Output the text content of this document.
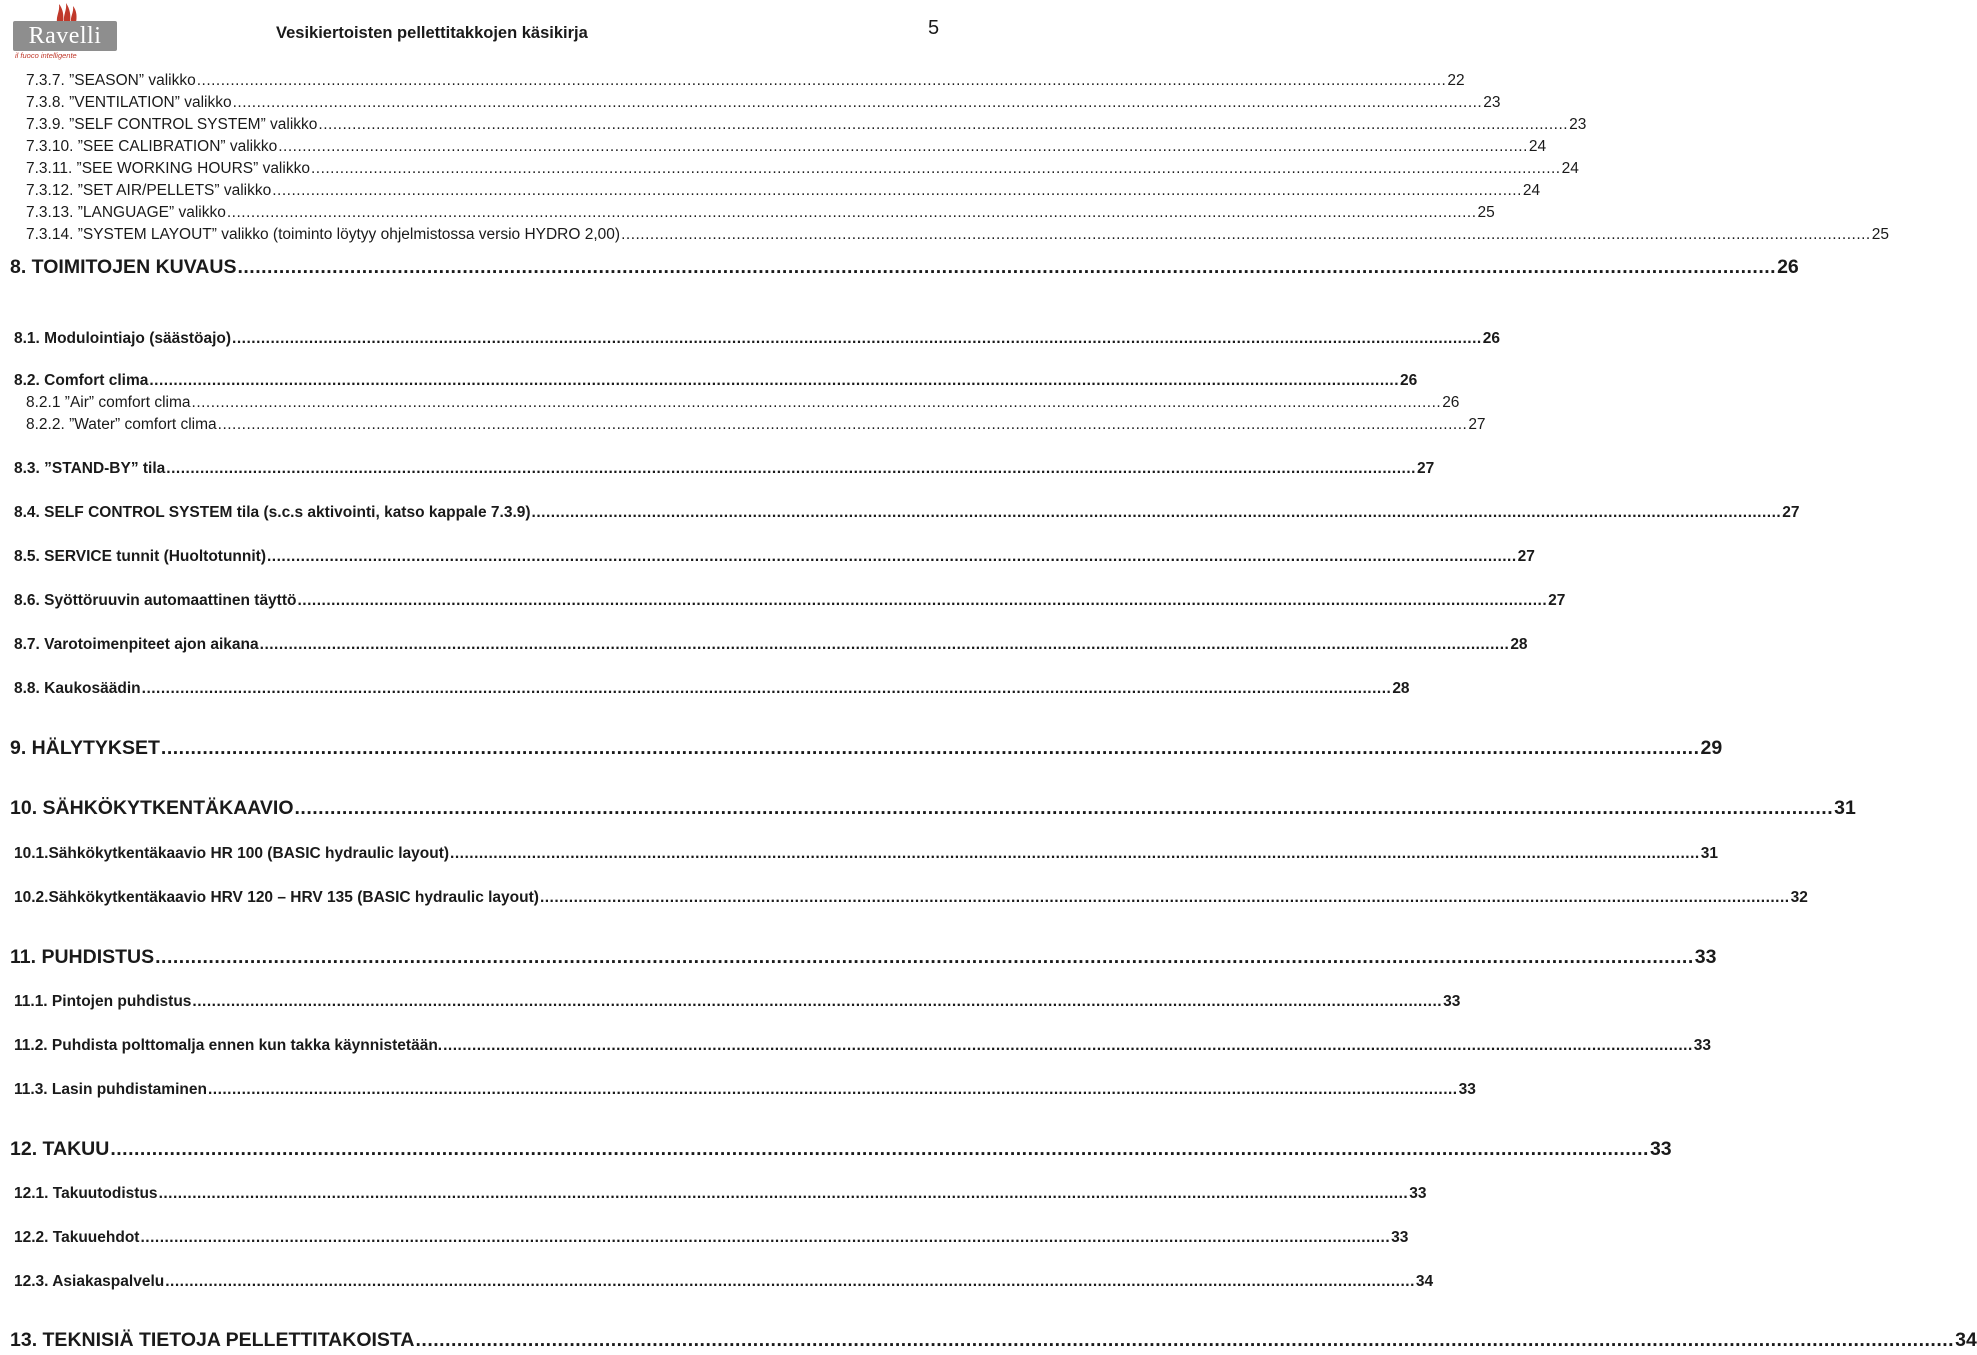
Ravelli
il fuoco intelligente
Vesikiertoisten pellettitakkojen käsikirja	5
7.3.7. ”SEASON” valikko .................................................................................................................................................................................................................................................................... 22
7.3.8. ”VENTILATION” valikko .................................................................................................................................................................................................................................................................... 23
7.3.9. ”SELF CONTROL SYSTEM” valikko .................................................................................................................................................................................................................................................................... 23
7.3.10. ”SEE CALIBRATION” valikko .................................................................................................................................................................................................................................................................... 24
7.3.11. ”SEE WORKING HOURS” valikko .................................................................................................................................................................................................................................................................... 24
7.3.12. ”SET AIR/PELLETS” valikko .................................................................................................................................................................................................................................................................... 24
7.3.13. ”LANGUAGE” valikko .................................................................................................................................................................................................................................................................... 25
7.3.14. ”SYSTEM LAYOUT” valikko (toiminto löytyy ohjelmistossa versio HYDRO 2,00) .................................................................................................................................................................................................................................................................... 25
8. TOIMITOJEN KUVAUS .................................................................................................................................................................................................................................................................... 26
8.1. Modulointiajo (säästöajo) .................................................................................................................................................................................................................................................................... 26
8.2. Comfort clima .................................................................................................................................................................................................................................................................... 26
8.2.1 ”Air” comfort clima .................................................................................................................................................................................................................................................................... 26
8.2.2. ”Water” comfort clima .................................................................................................................................................................................................................................................................... 27
8.3. ”STAND-BY” tila .................................................................................................................................................................................................................................................................... 27
8.4. SELF CONTROL SYSTEM tila (s.c.s aktivointi, katso kappale 7.3.9) .................................................................................................................................................................................................................................................................... 27
8.5. SERVICE tunnit (Huoltotunnit) .................................................................................................................................................................................................................................................................... 27
8.6. Syöttöruuvin automaattinen täyttö .................................................................................................................................................................................................................................................................... 27
8.7. Varotoimenpiteet ajon aikana .................................................................................................................................................................................................................................................................... 28
8.8. Kaukosäädin .................................................................................................................................................................................................................................................................... 28
9. HÄLYTYKSET .................................................................................................................................................................................................................................................................... 29
10. SÄHKÖKYTKENTÄKAAVIO .................................................................................................................................................................................................................................................................... 31
10.1.Sähkökytkentäkaavio HR 100 (BASIC hydraulic layout) .................................................................................................................................................................................................................................................................... 31
10.2.Sähkökytkentäkaavio HRV 120 – HRV 135 (BASIC hydraulic layout) .................................................................................................................................................................................................................................................................... 32
11. PUHDISTUS .................................................................................................................................................................................................................................................................... 33
11.1. Pintojen puhdistus .................................................................................................................................................................................................................................................................... 33
11.2. Puhdista polttomalja ennen kun takka käynnistetään. .................................................................................................................................................................................................................................................................... 33
11.3. Lasin puhdistaminen .................................................................................................................................................................................................................................................................... 33
12. TAKUU .................................................................................................................................................................................................................................................................... 33
12.1. Takuutodistus .................................................................................................................................................................................................................................................................... 33
12.2. Takuuehdot .................................................................................................................................................................................................................................................................... 33
12.3. Asiakaspalvelu .................................................................................................................................................................................................................................................................... 34
13. TEKNISIÄ TIETOJA PELLETTITAKOISTA .................................................................................................................................................................................................................................................................... 34
